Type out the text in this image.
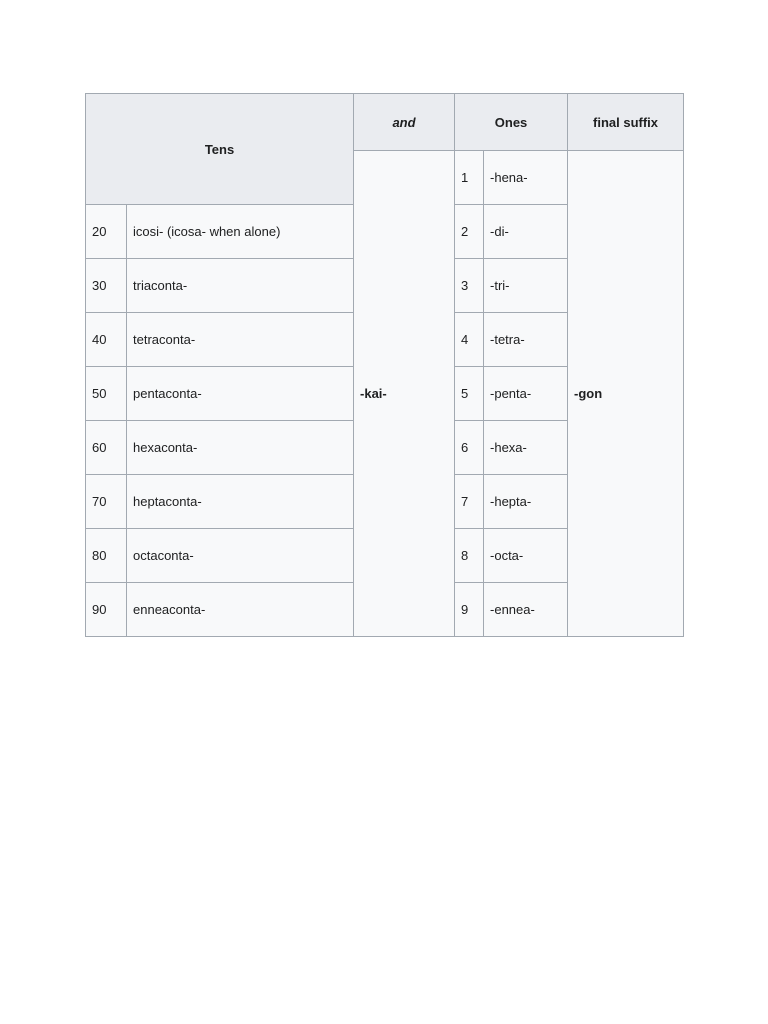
Tens		and	Ones		final suffix
		-kai-	1	-hena-	-gon
20	icosi- (icosa- when alone)		2	-di-	
30	triaconta-		3	-tri-	
40	tetraconta-		4	-tetra-	
50	pentaconta-		5	-penta-	
60	hexaconta-		6	-hexa-	
70	heptaconta-		7	-hepta-	
80	octaconta-		8	-octa-	
90	enneaconta-		9	-ennea-	
